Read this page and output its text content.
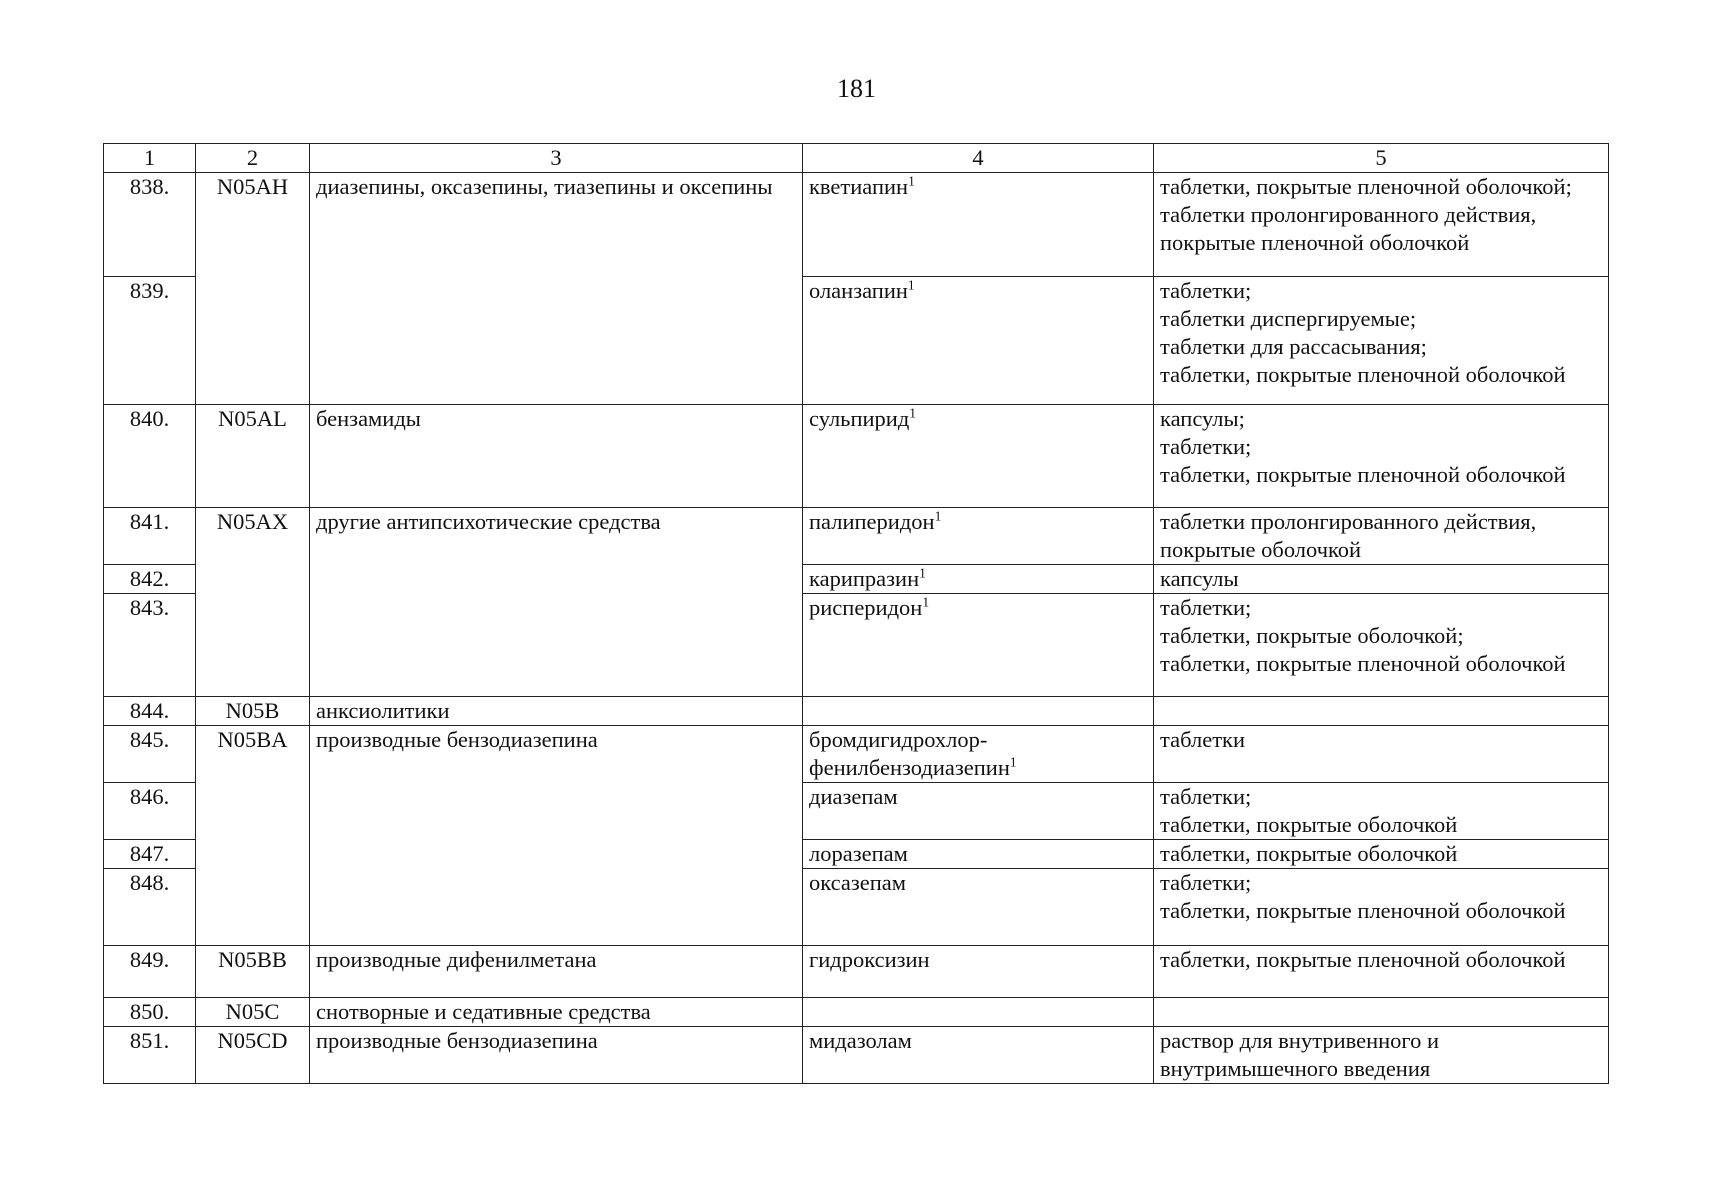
181
1	2	3	4	5
838.	N05AH	диазепины, оксазепины, тиазепины и оксепины	кветиапин$^1$	таблетки, покрытые пленочной оболочкой;
таблетки пролонгированного действия, покрытые пленочной оболочкой

839.			оланзапин$^1$	таблетки;
таблетки диспергируемые;
таблетки для рассасывания;
таблетки, покрытые пленочной оболочкой

840.	N05AL	бензамиды	сульпирид$^1$	капсулы;
таблетки;
таблетки, покрытые пленочной оболочкой

841.	N05AX	другие антипсихотические средства	палиперидон$^1$	таблетки пролонгированного действия, покрытые оболочкой

842.			карипразин$^1$	капсулы

843.			рисперидон$^1$	таблетки;
таблетки, покрытые оболочкой;
таблетки, покрытые пленочной оболочкой

844.	N05B	анксиолитики		
845.	N05BA	производные бензодиазепина	бромдигидрохлор-фенилбензодиазепин$^1$	таблетки

846.			диазепам	таблетки;
таблетки, покрытые оболочкой

847.			лоразепам	таблетки, покрытые оболочкой

848.			оксазепам	таблетки;
таблетки, покрытые пленочной оболочкой

849.	N05BB	производные дифенилметана	гидроксизин	таблетки, покрытые пленочной оболочкой

850.	N05C	снотворные и седативные средства		
851.	N05CD	производные бензодиазепина	мидазолам	раствор для внутривенного и внутримышечного введения
